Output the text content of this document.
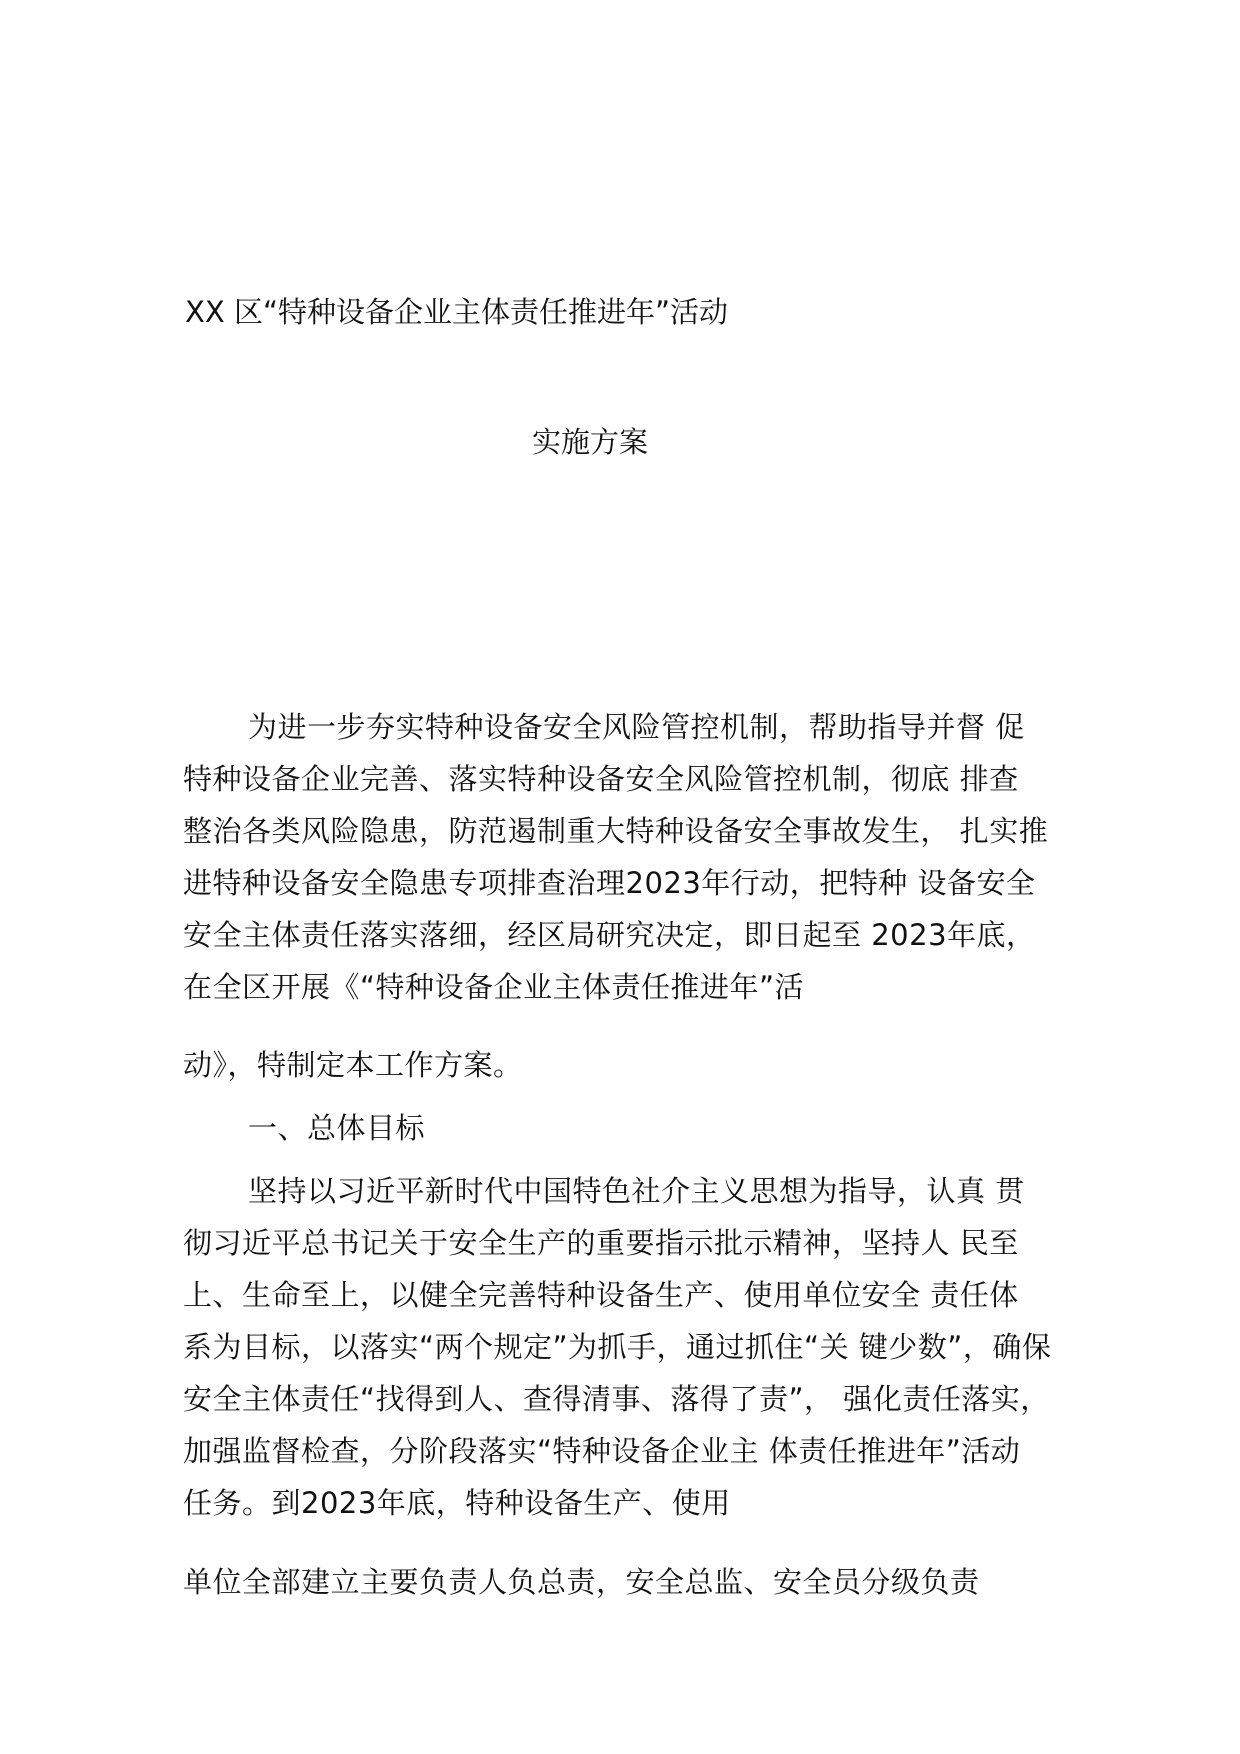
XX 区“特种设备企业主体责任推进年”活动
实施方案
为进一步夯实特种设备安全风险管控机制，帮助指导并督 促
特种设备企业完善、落实特种设备安全风险管控机制，彻底 排查
整治各类风险隐患，防范遏制重大特种设备安全事故发生， 扎实推
进特种设备安全隐患专项排查治理2023年行动，把特种 设备安全
安全主体责任落实落细，经区局研究决定，即日起至 2023年底，
在全区开展《“特种设备企业主体责任推进年”活
动》，特制定本工作方案。
一、总体目标
坚持以习近平新时代中国特色社介主义思想为指导，认真 贯
彻习近平总书记关于安全生产的重要指示批示精神，坚持人 民至
上、生命至上，以健全完善特种设备生产、使用单位安全 责任体
系为目标，以落实“两个规定”为抓手，通过抓住“关 键少数”，确保
安全主体责任“找得到人、查得清事、落得了责”， 强化责任落实，
加强监督检查，分阶段落实“特种设备企业主 体责任推进年”活动
任务。到2023年底，特种设备生产、使用
单位全部建立主要负责人负总责，安全总监、安全员分级负责
